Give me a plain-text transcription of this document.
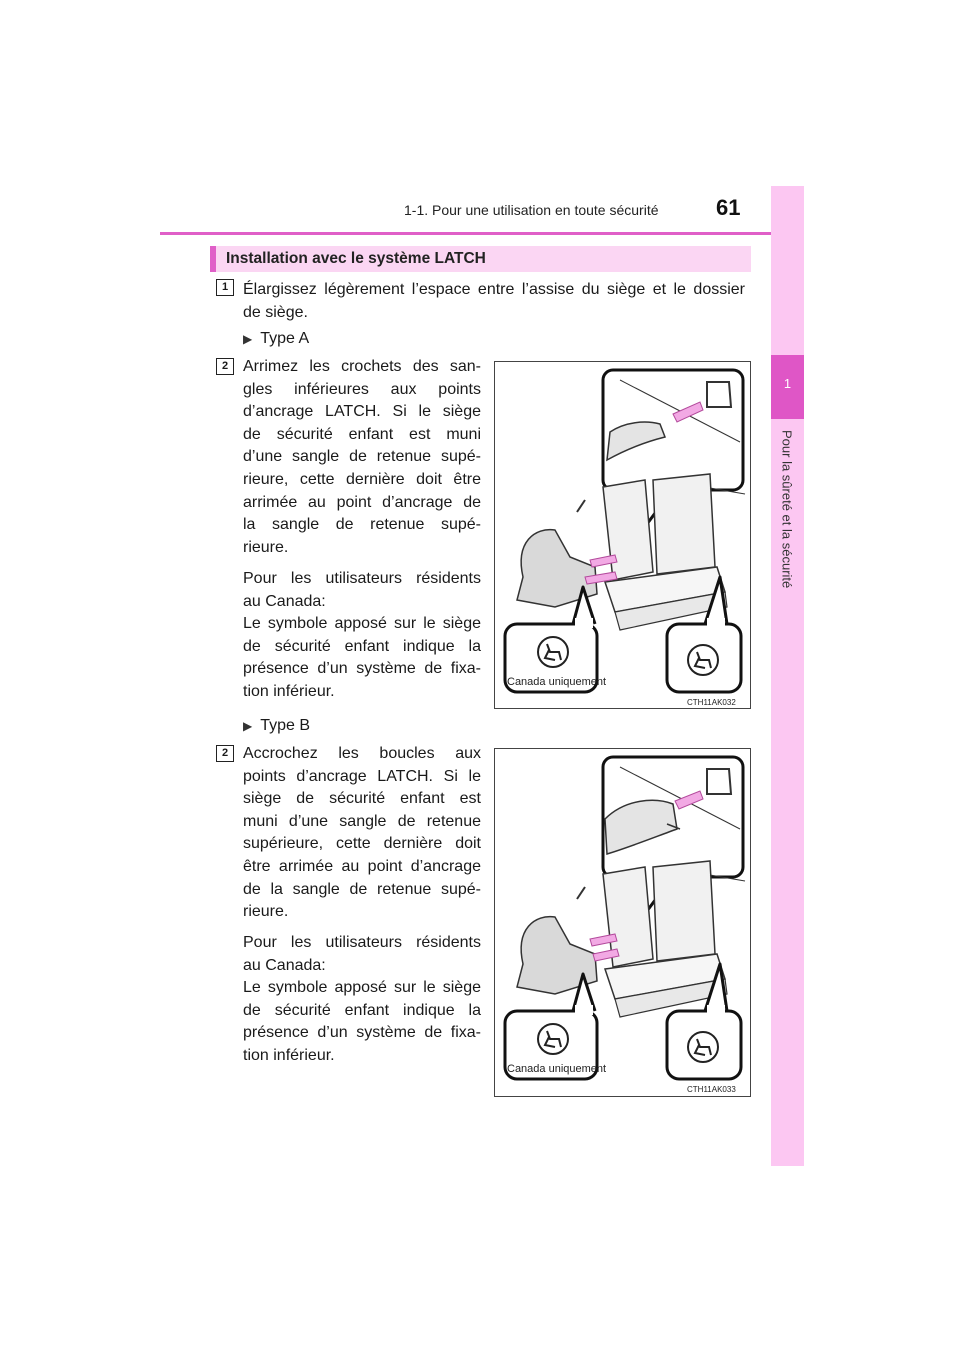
1-1. Pour une utilisation en toute sécurité	61
1
Pour la sûreté et la sécurité
Installation avec le système LATCH
1 Élargissez légèrement l’espace entre l’assise du siège et le dossier
de siège.
▶ Type A
2 Arrimez les crochets des san-
gles inférieures aux points
d’ancrage LATCH. Si le siège
de sécurité enfant est muni
d’une sangle de retenue supé-
rieure, cette dernière doit être
arrimée au point d’ancrage de
la sangle de retenue supé-
rieure.
Pour les utilisateurs résidents
au Canada:
Le symbole apposé sur le siège
de sécurité enfant indique la
présence d’un système de fixa-
tion inférieur.
Canada uniquement
CTH11AK032
▶ Type B
2 Accrochez les boucles aux
points d’ancrage LATCH. Si le
siège de sécurité enfant est
muni d’une sangle de retenue
supérieure, cette dernière doit
être arrimée au point d’ancrage
de la sangle de retenue supé-
rieure.
Pour les utilisateurs résidents
au Canada:
Le symbole apposé sur le siège
de sécurité enfant indique la
présence d’un système de fixa-
tion inférieur.
Canada uniquement
CTH11AK033
